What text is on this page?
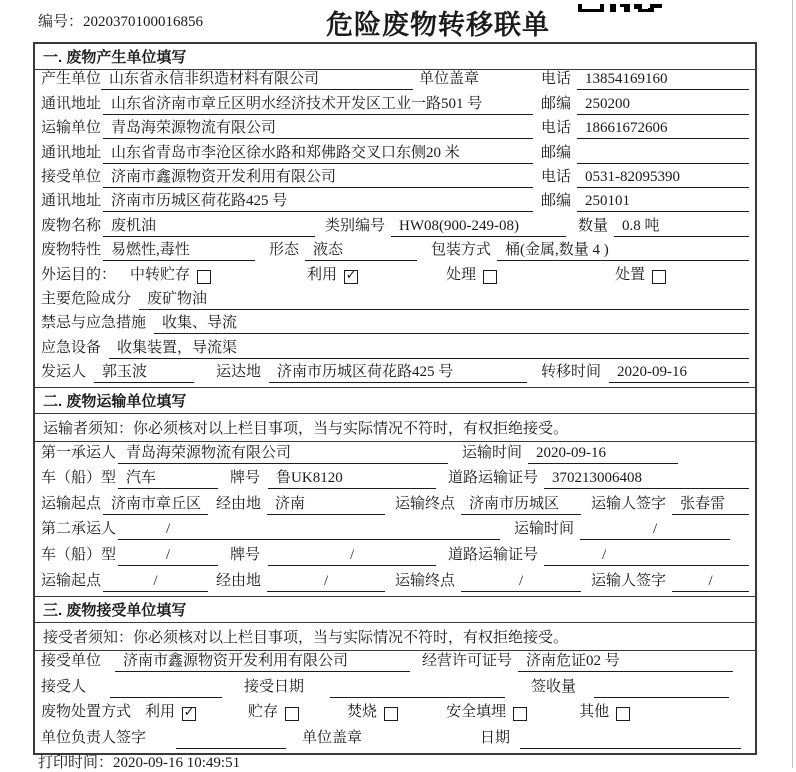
编号：2020370100016856	危险废物转移联单
一. 废物产生单位填写
产生单位 山东省永信非织造材料有限公司	单位盖章	电话 13854169160
通讯地址 山东省济南市章丘区明水经济技术开发区工业一路501 号	邮编 250200
运输单位 青岛海荣源物流有限公司	电话 18661672606
通讯地址 山东省青岛市李沧区徐水路和郑佛路交叉口东侧20 米	邮编
接受单位 济南市鑫源物资开发利用有限公司	电话 0531-82095390
通讯地址 济南市历城区荷花路425 号	邮编 250101
废物名称 废机油	类别编号 HW08(900-249-08)	数量 0.8 吨
废物特性 易燃性,毒性	形态 液态	包装方式 桶(金属,数量 4 )
外运目的： 中转贮存	利用 ✓	处理	处置
主要危险成分	废矿物油
禁忌与应急措施	收集、导流
应急设备	收集装置，导流渠
发运人	郭玉波	运达地	济南市历城区荷花路425 号	转移时间	2020-09-16
二. 废物运输单位填写
运输者须知：你必须核对以上栏目事项，当与实际情况不符时，有权拒绝接受。
第一承运人 青岛海荣源物流有限公司	运输时间 2020-09-16
车（船）型 汽车	牌号	鲁UK8120	道路运输证号 370213006408
运输起点 济南市章丘区 经由地 济南	运输终点 济南市历城区	运输人签字 张春雷
第二承运人	/	运输时间	/
车（船）型	/	牌号	/	道路运输证号	/
运输起点	/	经由地	/	运输终点	/	运输人签字	/
三. 废物接受单位填写
接受者须知：你必须核对以上栏目事项，当与实际情况不符时，有权拒绝接受。
接受单位	济南市鑫源物资开发利用有限公司	经营许可证号 济南危证02 号
接受人	接受日期	签收量
废物处置方式 利用 ✓	贮存	焚烧	安全填埋	其他
单位负责人签字	单位盖章	日期
打印时间：2020-09-16 10:49:51
